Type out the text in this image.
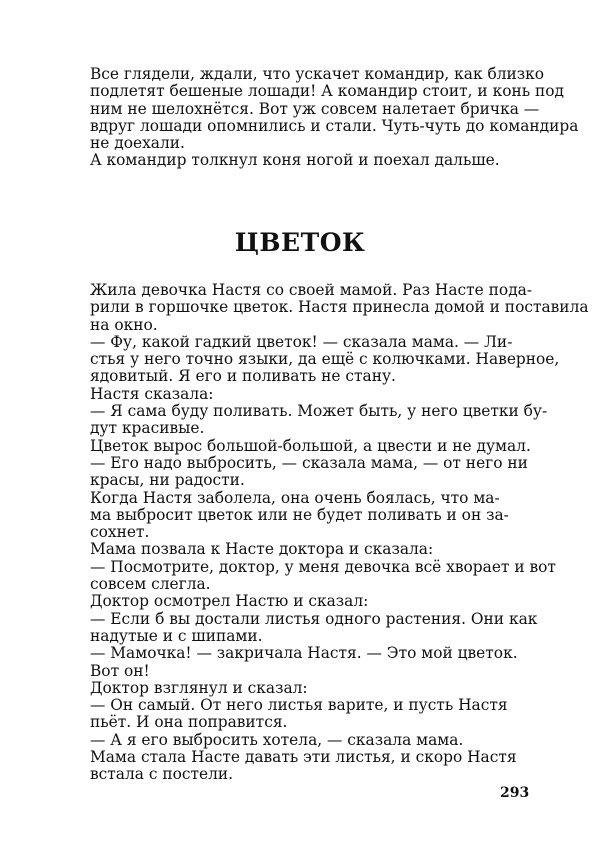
Все глядели, ждали, что ускачет командир, как близко
подлетят бешеные лошади! А командир стоит, и конь под
ним не шелохнётся. Вот уж совсем налетает бричка —
вдруг лошади опомнились и стали. Чуть-чуть до командира
не доехали.
А командир толкнул коня ногой и поехал дальше.
ЦВЕТОК
Жила девочка Настя со своей мамой. Раз Насте пода-
рили в горшочке цветок. Настя принесла домой и поставила
на окно.
— Фу, какой гадкий цветок! — сказала мама. — Ли-
стья у него точно языки, да ещё с колючками. Наверное,
ядовитый. Я его и поливать не стану.
Настя сказала:
— Я сама буду поливать. Может быть, у него цветки бу-
дут красивые.
Цветок вырос большой-большой, а цвести и не думал.
— Его надо выбросить, — сказала мама, — от него ни
красы, ни радости.
Когда Настя заболела, она очень боялась, что ма-
ма выбросит цветок или не будет поливать и он за-
сохнет.
Мама позвала к Насте доктора и сказала:
— Посмотрите, доктор, у меня девочка всё хворает и вот
совсем слегла.
Доктор осмотрел Настю и сказал:
— Если б вы достали листья одного растения. Они как
надутые и с шипами.
— Мамочка! — закричала Настя. — Это мой цветок.
Вот он!
Доктор взглянул и сказал:
— Он самый. От него листья варите, и пусть Настя
пьёт. И она поправится.
— А я его выбросить хотела, — сказала мама.
Мама стала Насте давать эти листья, и скоро Настя
встала с постели.
293
